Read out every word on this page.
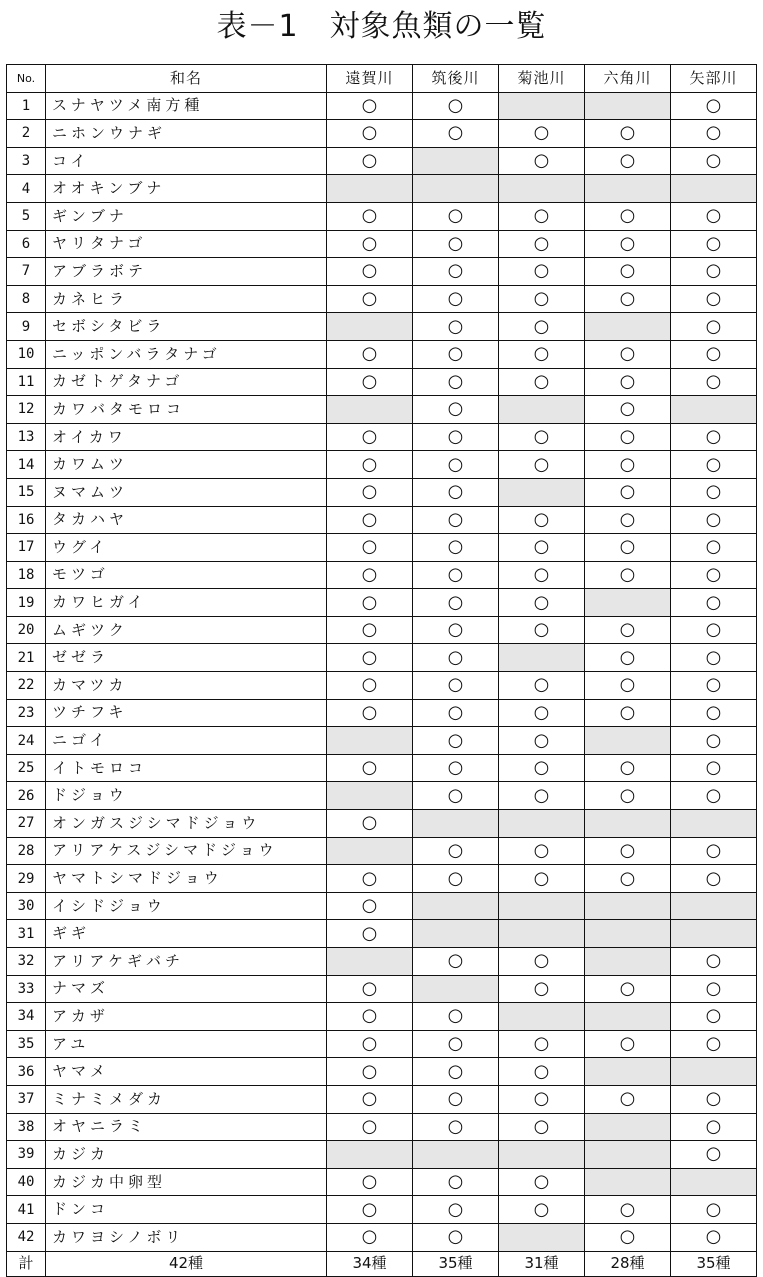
表－1　対象魚類の一覧
No.	和名	遠賀川	筑後川	菊池川	六角川	矢部川
1	スナヤツメ南方種	○	○			○
2	ニホンウナギ	○	○	○	○	○
3	コイ	○		○	○	○
4	オオキンブナ					
5	ギンブナ	○	○	○	○	○
6	ヤリタナゴ	○	○	○	○	○
7	アブラボテ	○	○	○	○	○
8	カネヒラ	○	○	○	○	○
9	セボシタビラ		○	○		○
10	ニッポンバラタナゴ	○	○	○	○	○
11	カゼトゲタナゴ	○	○	○	○	○
12	カワバタモロコ		○		○	
13	オイカワ	○	○	○	○	○
14	カワムツ	○	○	○	○	○
15	ヌマムツ	○	○		○	○
16	タカハヤ	○	○	○	○	○
17	ウグイ	○	○	○	○	○
18	モツゴ	○	○	○	○	○
19	カワヒガイ	○	○	○		○
20	ムギツク	○	○	○	○	○
21	ゼゼラ	○	○		○	○
22	カマツカ	○	○	○	○	○
23	ツチフキ	○	○	○	○	○
24	ニゴイ		○	○		○
25	イトモロコ	○	○	○	○	○
26	ドジョウ		○	○	○	○
27	オンガスジシマドジョウ	○				
28	アリアケスジシマドジョウ		○	○	○	○
29	ヤマトシマドジョウ	○	○	○	○	○
30	イシドジョウ	○				
31	ギギ	○				
32	アリアケギバチ		○	○		○
33	ナマズ	○		○	○	○
34	アカザ	○	○			○
35	アユ	○	○	○	○	○
36	ヤマメ	○	○	○		
37	ミナミメダカ	○	○	○	○	○
38	オヤニラミ	○	○	○		○
39	カジカ					○
40	カジカ中卵型	○	○	○		
41	ドンコ	○	○	○	○	○
42	カワヨシノボリ	○	○		○	○
計	42種	34種	35種	31種	28種	35種
